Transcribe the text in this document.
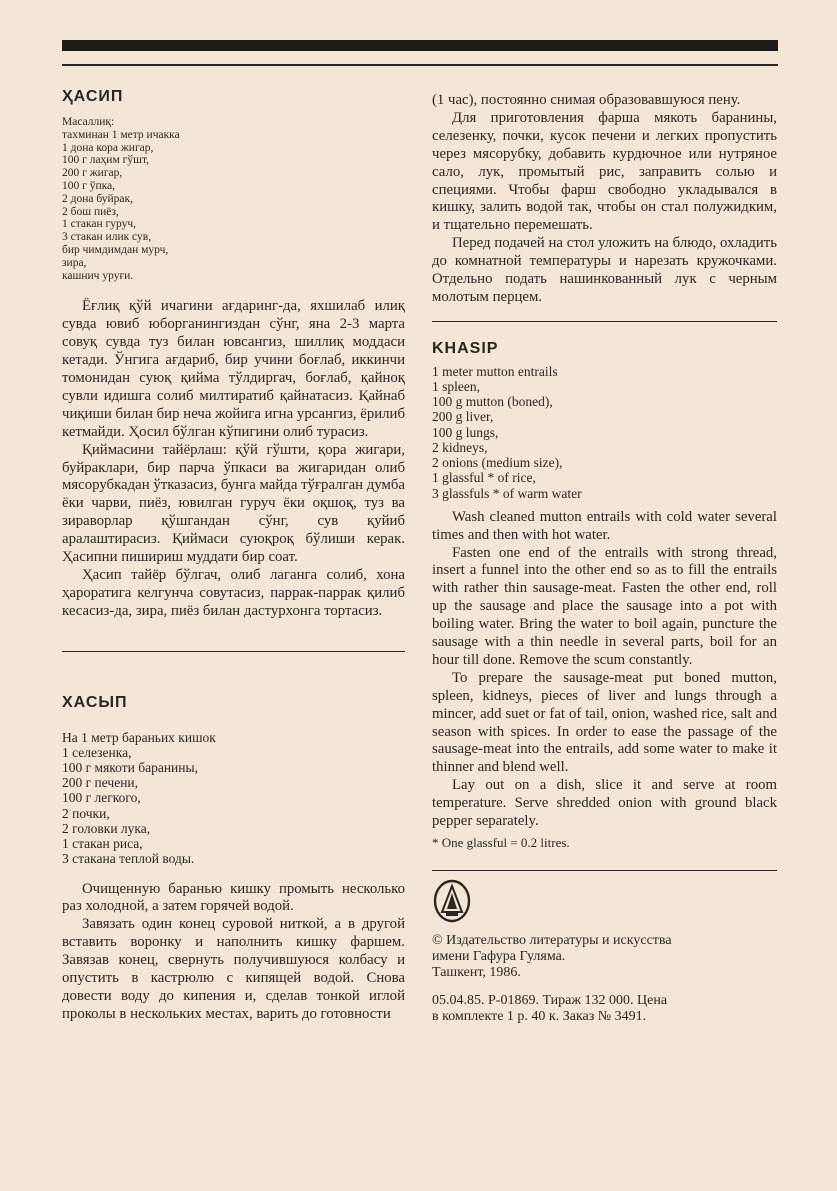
ҲАСИП
Масаллиқ:
тахминан 1 метр ичакка
1 дона кора жигар,
100 г лаҳим гўшт,
200 г жигар,
100 г ўпка,
2 дона буйрак,
2 бош пиёз,
1 стакан гуруч,
3 стакан илик сув,
бир чимдимдан мурч,
зира,
кашнич уруғи.

Ёғлиқ қўй ичагини ағдаринг-да, яхшилаб илиқ сувда ювиб юборганингиздан сўнг, яна 2-3 марта совуқ сувда туз билан ювсангиз, шиллиқ моддаси кетади. Ўнгига ағдариб, бир учини боғлаб, иккинчи томонидан суюқ қийма тўлдиргач, боғлаб, қайноқ сувли идишга солиб милтиратиб қайнатасиз. Қайнаб чиқиши билан бир неча жойига игна урсангиз, ёрилиб кетмайди. Ҳосил бўлган кўпигини олиб турасиз.

Қиймасини тайёрлаш: қўй гўшти, қора жигари, буйраклари, бир парча ўпкаси ва жигаридан олиб мясорубкадан ўтказасиз, бунга майда тўғралган думба ёки чарви, пиёз, ювилган гуруч ёки оқшоқ, туз ва зираворлар қўшгандан сўнг, сув қуйиб аралаштирасиз. Қиймаси суюқроқ бўлиши керак. Ҳасипни пишириш муддати бир соат.

Ҳасип тайёр бўлгач, олиб лаганга солиб, хона ҳароратига келгунча совутасиз, паррак-паррак қилиб кесасиз-да, зира, пиёз билан дастурхонга тортасиз.

ХАСЫП
На 1 метр бараньих кишок
1 селезенка,
100 г мякоти баранины,
200 г печени,
100 г легкого,
2 почки,
2 головки лука,
1 стакан риса,
3 стакана теплой воды.

Очищенную баранью кишку промыть несколько раз холодной, а затем горячей водой.

Завязать один конец суровой ниткой, а в другой вставить воронку и наполнить кишку фаршем. Завязав конец, свернуть получившуюся колбасу и опустить в кастрюлю с кипящей водой. Снова довести воду до кипения и, сделав тонкой иглой проколы в нескольких местах, варить до готовности

(1 час), постоянно снимая образовавшуюся пену.

Для приготовления фарша мякоть баранины, селезенку, почки, кусок печени и легких пропустить через мясорубку, добавить курдючное или нутряное сало, лук, промытый рис, заправить солью и специями. Чтобы фарш свободно укладывался в кишку, залить водой так, чтобы он стал полужидким, и тщательно перемешать.

Перед подачей на стол уложить на блюдо, охладить до комнатной температуры и нарезать кружочками. Отдельно подать нашинкованный лук с черным молотым перцем.

KHASIP
1 meter mutton entrails
1 spleen,
100 g mutton (boned),
200 g liver,
100 g lungs,
2 kidneys,
2 onions (medium size),
1 glassful * of rice,
3 glassfuls * of warm water

Wash cleaned mutton entrails with cold water several times and then with hot water.

Fasten one end of the entrails with strong thread, insert a funnel into the other end so as to fill the entrails with rather thin sausage-meat. Fasten the other end, roll up the sausage and place the sausage into a pot with boiling water. Bring the water to boil again, puncture the sausage with a thin needle in several parts, boil for an hour till done. Remove the scum constantly.

To prepare the sausage-meat put boned mutton, spleen, kidneys, pieces of liver and lungs through a mincer, add suet or fat of tail, onion, washed rice, salt and season with spices. In order to ease the passage of the sausage-meat into the entrails, add some water to make it thinner and blend well.

Lay out on a dish, slice it and serve at room temperature. Serve shredded onion with ground black pepper separately.

* One glassful = 0.2 litres.
© Издательство литературы и искусства
имени Гафура Гуляма.
Ташкент, 1986.
05.04.85. Р-01869. Тираж 132 000. Цена
в комплекте 1 р. 40 к. Заказ № 3491.
